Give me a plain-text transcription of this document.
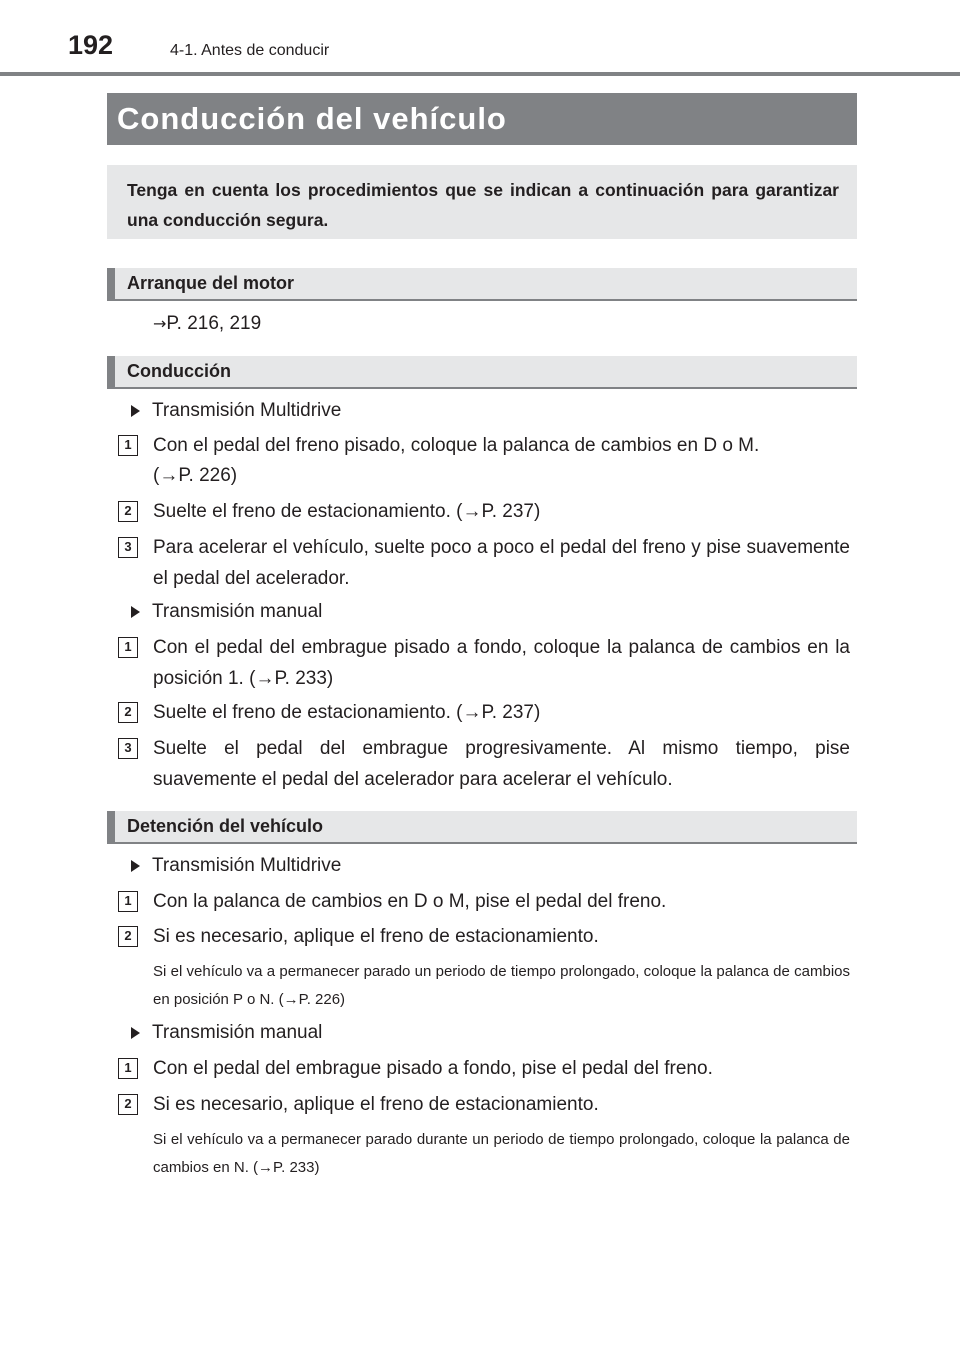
192	4-1. Antes de conducir
Conducción del vehículo
Tenga en cuenta los procedimientos que se indican a continuación para garantizar una conducción segura.
Arranque del motor
→P. 216, 219
Conducción
Transmisión Multidrive
1	Con el pedal del freno pisado, coloque la palanca de cambios en D o M.
(→P. 226)
2	Suelte el freno de estacionamiento. (→P. 237)
3	Para acelerar el vehículo, suelte poco a poco el pedal del freno y pise suavemente el pedal del acelerador.
Transmisión manual
1	Con el pedal del embrague pisado a fondo, coloque la palanca de cambios en la posición 1. (→P. 233)
2	Suelte el freno de estacionamiento. (→P. 237)
3	Suelte el pedal del embrague progresivamente. Al mismo tiempo, pise suavemente el pedal del acelerador para acelerar el vehículo.
Detención del vehículo
Transmisión Multidrive
1	Con la palanca de cambios en D o M, pise el pedal del freno.
2	Si es necesario, aplique el freno de estacionamiento.
Si el vehículo va a permanecer parado un periodo de tiempo prolongado, coloque la palanca de cambios en posición P o N. (→P. 226)
Transmisión manual
1	Con el pedal del embrague pisado a fondo, pise el pedal del freno.
2	Si es necesario, aplique el freno de estacionamiento.
Si el vehículo va a permanecer parado durante un periodo de tiempo prolongado, coloque la palanca de cambios en N. (→P. 233)
